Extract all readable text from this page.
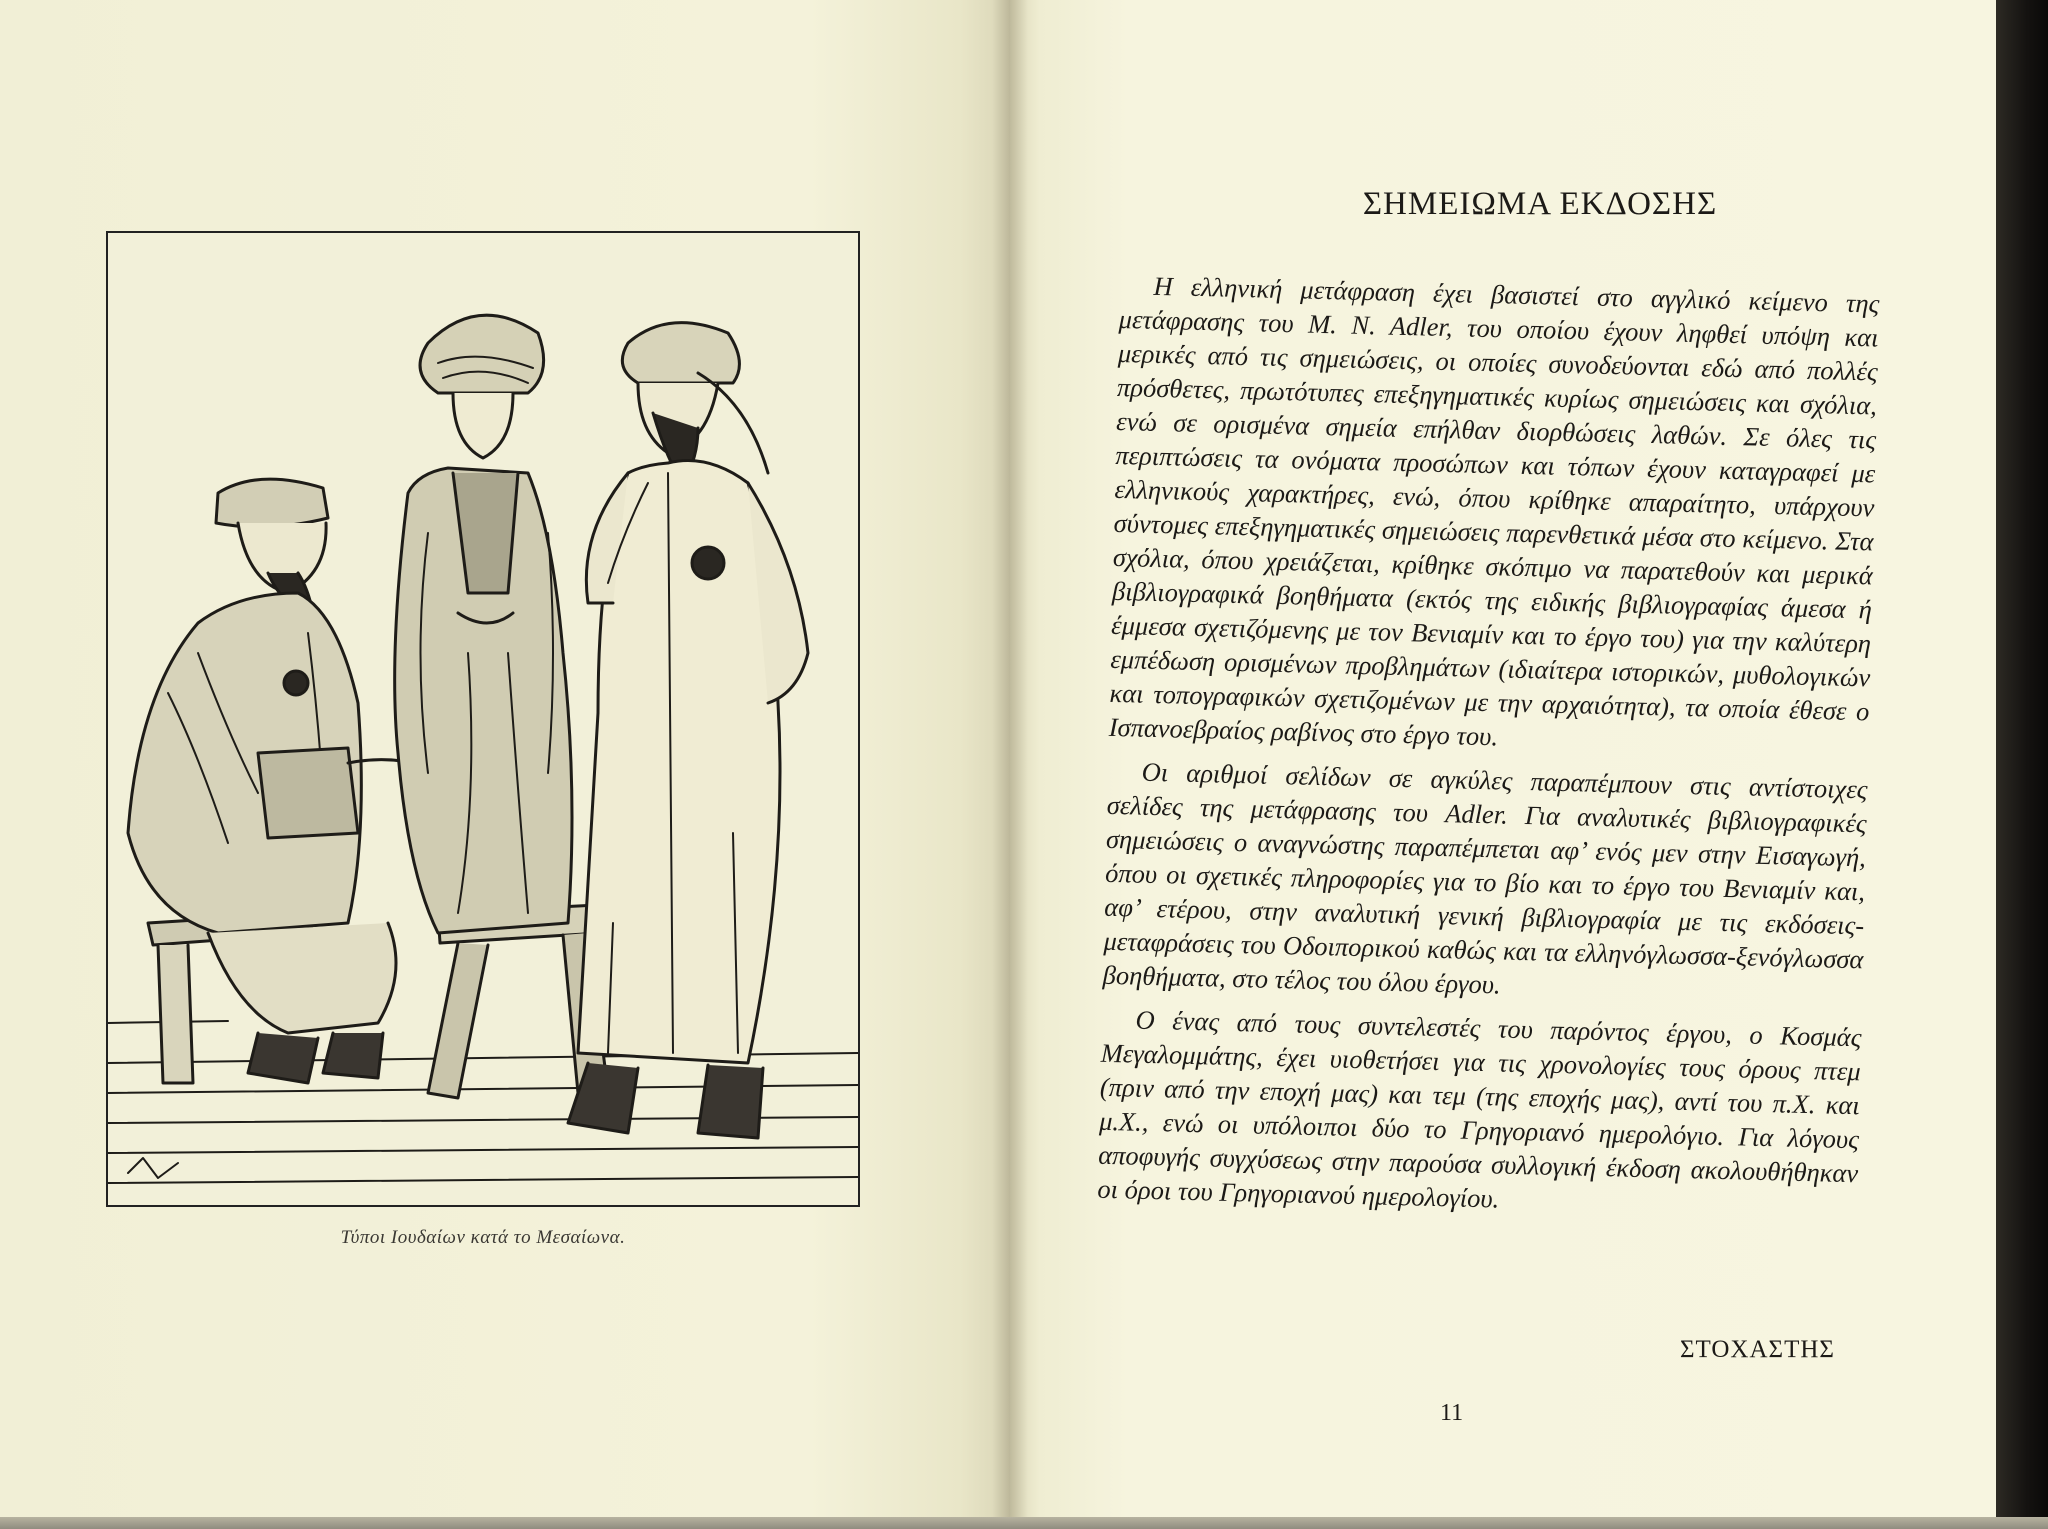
Τύποι Ιουδαίων κατά το Μεσαίωνα.
ΣΗΜΕΙΩΜΑ ΕΚΔΟΣΗΣ

Η ελληνική μετάφραση έχει βασιστεί στο αγγλικό κείμενο της μετάφρασης του M. N. Adler, του οποίου έχουν ληφθεί υπόψη και μερικές από τις σημειώσεις, οι οποίες συνοδεύονται εδώ από πολλές πρόσθετες, πρωτότυπες επεξηγηματικές κυρίως σημειώσεις και σχόλια, ενώ σε ορισμένα σημεία επήλθαν διορθώσεις λαθών. Σε όλες τις περιπτώσεις τα ονόματα προσώπων και τόπων έχουν καταγραφεί με ελληνικούς χαρακτήρες, ενώ, όπου κρίθηκε απαραίτητο, υπάρχουν σύντομες επεξηγηματικές σημειώσεις παρενθετικά μέσα στο κείμενο. Στα σχόλια, όπου χρειάζεται, κρίθηκε σκόπιμο να παρατεθούν και μερικά βιβλιογραφικά βοηθήματα (εκτός της ειδικής βιβλιογραφίας άμεσα ή έμμεσα σχετιζόμενης με τον Βενιαμίν και το έργο του) για την καλύτερη εμπέδωση ορισμένων προβλημάτων (ιδιαίτερα ιστορικών, μυθολογικών και τοπογραφικών σχετιζομένων με την αρχαιότητα), τα οποία έθεσε ο Ισπανοεβραίος ραβίνος στο έργο του.

Οι αριθμοί σελίδων σε αγκύλες παραπέμπουν στις αντίστοιχες σελίδες της μετάφρασης του Adler. Για αναλυτικές βιβλιογραφικές σημειώσεις ο αναγνώστης παραπέμπεται αφ’ ενός μεν στην Εισαγωγή, όπου οι σχετικές πληροφορίες για το βίο και το έργο του Βενιαμίν και, αφ’ ετέρου, στην αναλυτική γενική βιβλιογραφία με τις εκδόσεις-μεταφράσεις του Οδοιπορικού καθώς και τα ελληνόγλωσσα-ξενόγλωσσα βοηθήματα, στο τέλος του όλου έργου.

Ο ένας από τους συντελεστές του παρόντος έργου, ο Κοσμάς Μεγαλομμάτης, έχει υιοθετήσει για τις χρονολογίες τους όρους πτεμ (πριν από την εποχή μας) και τεμ (της εποχής μας), αντί του π.Χ. και μ.Χ., ενώ οι υπόλοιποι δύο το Γρηγοριανό ημερολόγιο. Για λόγους αποφυγής συγχύσεως στην παρούσα συλλογική έκδοση ακολουθήθηκαν οι όροι του Γρηγοριανού ημερολογίου.

ΣΤΟΧΑΣΤΗΣ
11
